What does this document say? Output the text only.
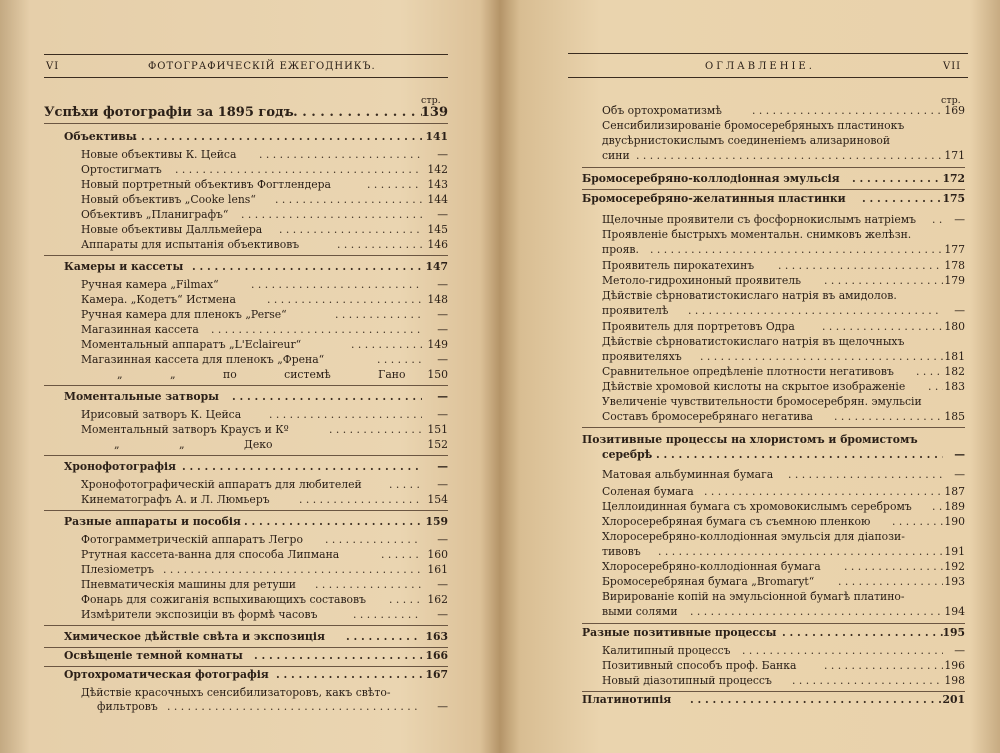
VI	ФОТОГРАФИЧЕСКІЙ ЕЖЕГОДНИКЪ.
стр.
Успѣхи фотографіи за 1895 годъ . . .	139
Объективы . . .	141
Новые объективы К. Цейса . . .	—
Ортостигматъ . . .	142
Новый портретный объективъ Фогтлендера . . .	143
Новый объективъ „Cooke lens“ . . .	144
Объективъ „Планиграфъ“ . . .	—
Новые объективы Далльмейера . . .	145
Аппараты для испытанія объективовъ . . .	146
Камеры и кассеты . . .	147
Ручная камера „Filmax“ . . .	—
Камера. „Кодетъ“ Истмена . . .	148
Ручная камера для пленокъ „Perse“ . . .	—
Магазинная кассета . . .	—
Моментальный аппаратъ „L'Eclaireur“ . . .	149
Магазинная кассета для пленокъ „Френа“ . . .	—
„ „ по системѣ Гано 150
Моментальные затворы . . .	—
Ирисовый затворъ К. Цейса . . .	—
Моментальный затворъ Краусъ и Кº . . .	151
„ „ Деко	152
Хронофотографія . . .	—
Хронофотографическій аппаратъ для любителей . . .	—
Кинематографъ А. и Л. Люмьеръ . . .	154
Разные аппараты и пособія . . .	159
Фотограмметрическій аппаратъ Легро . . .	—
Ртутная кассета-ванна для способа Липмана . . .	160
Плезіометръ . . .	161
Пневматическія машины для ретуши . . .	—
Фонарь для сожиганія вспыхивающихъ составовъ . . .	162
Измѣрители экспозиціи въ формѣ часовъ . . .	—
Химическое дѣйствіе свѣта и экспозиція . . .	163
Освѣщеніе темной комнаты . . .	166
Ортохроматическая фотографія . . .	167
Дѣйствіе красочныхъ сенсибилизаторовъ, какъ свѣто-
фильтровъ . . .	—
ОГЛАВЛЕНІЕ.	VII
стр.
Объ ортохроматизмѣ . . .	169
Сенсибилизированіе бромосеребряныхъ пластинокъ
двусѣрнистокислымъ соединеніемъ ализариновой
сини . . .	171
Бромосеребряно-коллодіонная эмульсія . . .	172
Бромосеребряно-желатинныя пластинки . . .	175
Щелочные проявители съ фосфорнокислымъ натріемъ . . .	—
Проявленіе быстрыхъ моментальн. снимковъ желѣзн.
прояв. . . .	177
Проявитель пирокатехинъ . . .	178
Метоло-гидрохиноный проявитель . . .	179
Дѣйствіе сѣрноватистокислаго натрія въ амидолов.
проявителѣ . . .	—
Проявитель для портретовъ Одра . . .	180
Дѣйствіе сѣрноватистокислаго натрія въ щелочныхъ
проявителяхъ . . .	181
Сравнительное опредѣленіе плотности негативовъ . . .	182
Дѣйствіе хромовой кислоты на скрытое изображеніе . . .	183
Увеличеніе чувствительности бромосеребрян. эмульсіи
Составъ бромосеребрянаго негатива . . .	185
Позитивные процессы на хлористомъ и бромистомъ
серебрѣ . . .	—
Матовая альбуминная бумага . . .	—
Соленая бумага . . .	187
Целлоидинная бумага съ хромовокислымъ серебромъ . . .	189
Хлоросеребряная бумага съ съемною пленкою . . .	190
Хлоросеребряно-коллодіонная эмульсія для діапози-
тивовъ . . .	191
Хлоросеребряно-коллодіонная бумага . . .	192
Бромосеребряная бумага „Bromaryt“ . . .	193
Вирированіе копій на эмульсіонной бумагѣ платино-
выми солями . . .	194
Разные позитивные процессы . . .	195
Калитипный процессъ . . .	—
Позитивный способъ проф. Банка . . .	196
Новый діазотипный процессъ . . .	198
Платинотипія . . .	201
